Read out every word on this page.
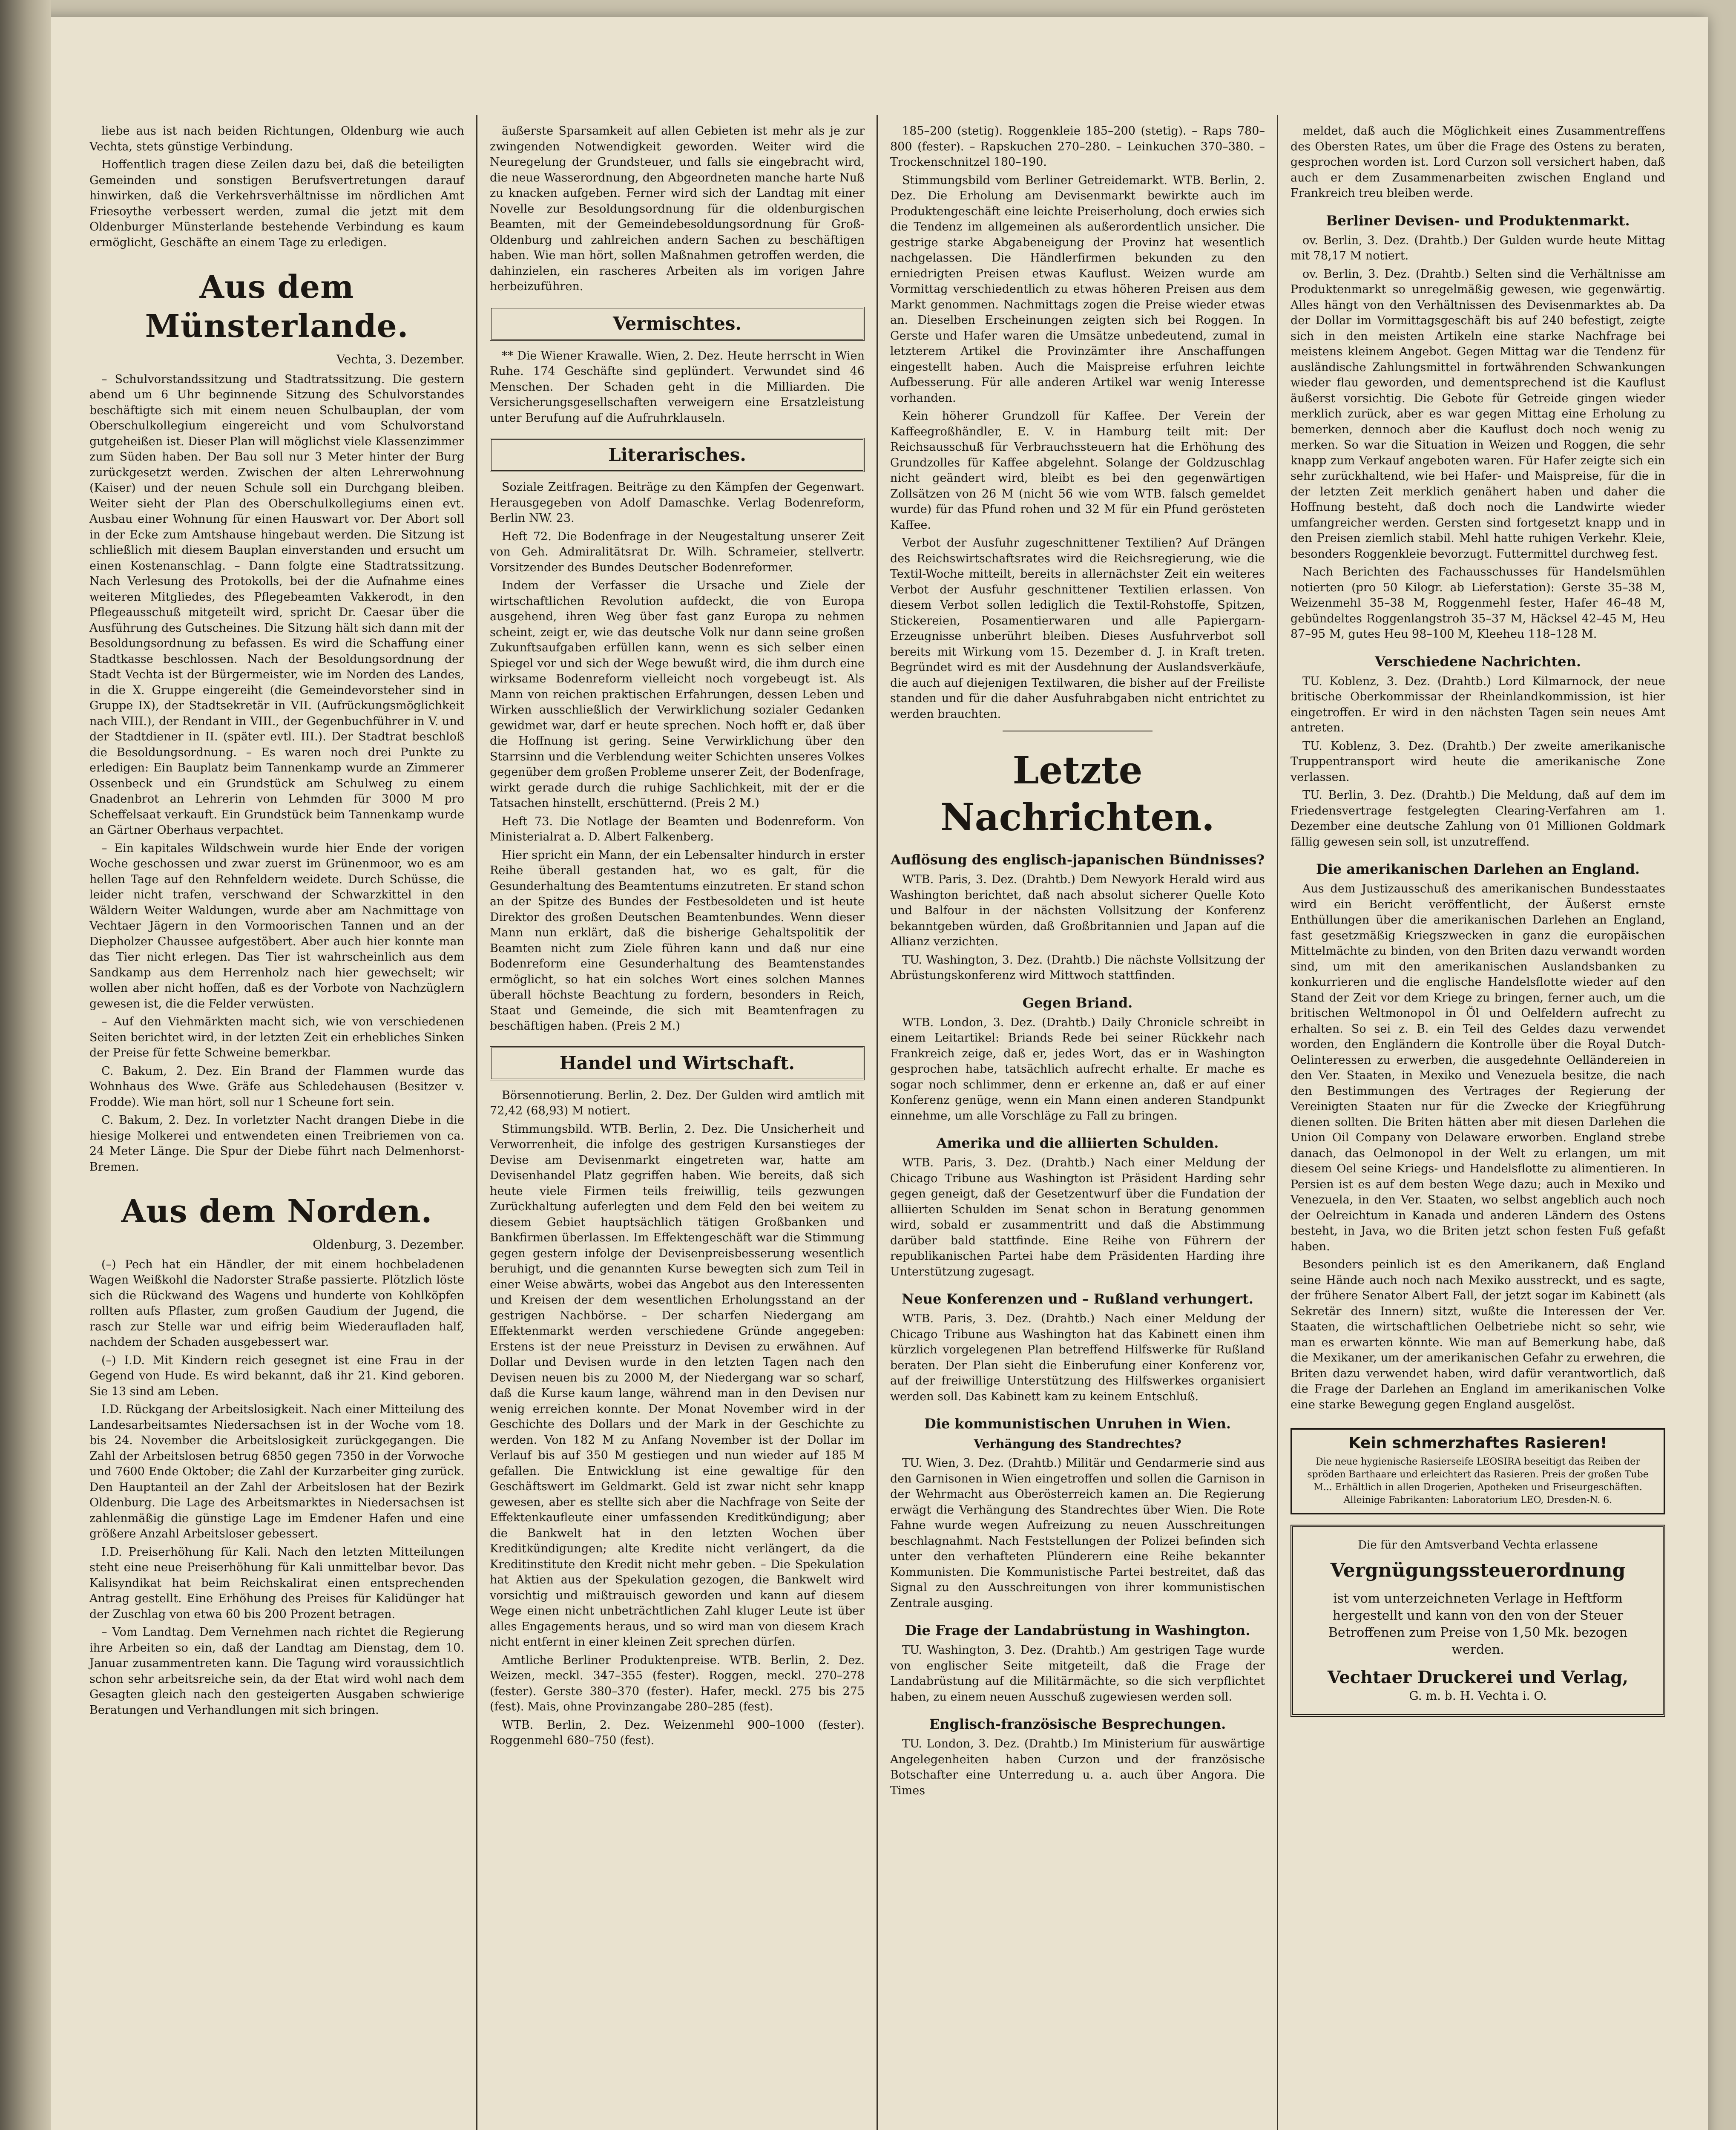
liebe aus ist nach beiden Richtungen, Oldenburg wie auch Vechta, stets günstige Verbindung.

Hoffentlich tragen diese Zeilen dazu bei, daß die beteiligten Gemeinden und sonstigen Berufsvertretungen darauf hinwirken, daß die Verkehrsverhältnisse im nördlichen Amt Friesoythe verbessert werden, zumal die jetzt mit dem Oldenburger Münsterlande bestehende Verbindung es kaum ermöglicht, Geschäfte an einem Tage zu erledigen.

Aus dem Münsterlande.
Vechta, 3. Dezember.

– Schulvorstandssitzung und Stadtratssitzung. Die gestern abend um 6 Uhr beginnende Sitzung des Schulvorstandes beschäftigte sich mit einem neuen Schulbauplan, der vom Oberschulkollegium eingereicht und vom Schulvorstand gutgeheißen ist. Dieser Plan will möglichst viele Klassenzimmer zum Süden haben. Der Bau soll nur 3 Meter hinter der Burg zurückgesetzt werden. Zwischen der alten Lehrerwohnung (Kaiser) und der neuen Schule soll ein Durchgang bleiben. Weiter sieht der Plan des Oberschulkollegiums einen evt. Ausbau einer Wohnung für einen Hauswart vor. Der Abort soll in der Ecke zum Amtshause hingebaut werden. Die Sitzung ist schließlich mit diesem Bauplan einverstanden und ersucht um einen Kostenanschlag. – Dann folgte eine Stadtratssitzung. Nach Verlesung des Protokolls, bei der die Aufnahme eines weiteren Mitgliedes, des Pflegebeamten Vakkerodt, in den Pflegeausschuß mitgeteilt wird, spricht Dr. Caesar über die Ausführung des Gutscheines. Die Sitzung hält sich dann mit der Besoldungsordnung zu befassen. Es wird die Schaffung einer Stadtkasse beschlossen. Nach der Besoldungsordnung der Stadt Vechta ist der Bürgermeister, wie im Norden des Landes, in die X. Gruppe eingereiht (die Gemeindevorsteher sind in Gruppe IX), der Stadtsekretär in VII. (Aufrückungsmöglichkeit nach VIII.), der Rendant in VIII., der Gegenbuchführer in V. und der Stadtdiener in II. (später evtl. III.). Der Stadtrat beschloß die Besoldungsordnung. – Es waren noch drei Punkte zu erledigen: Ein Bauplatz beim Tannenkamp wurde an Zimmerer Ossenbeck und ein Grundstück am Schulweg zu einem Gnadenbrot an Lehrerin von Lehmden für 3000 M pro Scheffelsaat verkauft. Ein Grundstück beim Tannenkamp wurde an Gärtner Oberhaus verpachtet.

– Ein kapitales Wildschwein wurde hier Ende der vorigen Woche geschossen und zwar zuerst im Grünenmoor, wo es am hellen Tage auf den Rehnfeldern weidete. Durch Schüsse, die leider nicht trafen, verschwand der Schwarzkittel in den Wäldern Weiter Waldungen, wurde aber am Nachmittage von Vechtaer Jägern in den Vormoorischen Tannen und an der Diepholzer Chaussee aufgestöbert. Aber auch hier konnte man das Tier nicht erlegen. Das Tier ist wahrscheinlich aus dem Sandkamp aus dem Herrenholz nach hier gewechselt; wir wollen aber nicht hoffen, daß es der Vorbote von Nachzüglern gewesen ist, die die Felder verwüsten.

– Auf den Viehmärkten macht sich, wie von verschiedenen Seiten berichtet wird, in der letzten Zeit ein erhebliches Sinken der Preise für fette Schweine bemerkbar.

C. Bakum, 2. Dez. Ein Brand der Flammen wurde das Wohnhaus des Wwe. Gräfe aus Schledehausen (Besitzer v. Frodde). Wie man hört, soll nur 1 Scheune fort sein.

C. Bakum, 2. Dez. In vorletzter Nacht drangen Diebe in die hiesige Molkerei und entwendeten einen Treibriemen von ca. 24 Meter Länge. Die Spur der Diebe führt nach Delmenhorst-Bremen.

Aus dem Norden.
Oldenburg, 3. Dezember.

(–) Pech hat ein Händler, der mit einem hochbeladenen Wagen Weißkohl die Nadorster Straße passierte. Plötzlich löste sich die Rückwand des Wagens und hunderte von Kohlköpfen rollten aufs Pflaster, zum großen Gaudium der Jugend, die rasch zur Stelle war und eifrig beim Wiederaufladen half, nachdem der Schaden ausgebessert war.

(–) I.D. Mit Kindern reich gesegnet ist eine Frau in der Gegend von Hude. Es wird bekannt, daß ihr 21. Kind geboren. Sie 13 sind am Leben.

I.D. Rückgang der Arbeitslosigkeit. Nach einer Mitteilung des Landesarbeitsamtes Niedersachsen ist in der Woche vom 18. bis 24. November die Arbeitslosigkeit zurückgegangen. Die Zahl der Arbeitslosen betrug 6850 gegen 7350 in der Vorwoche und 7600 Ende Oktober; die Zahl der Kurzarbeiter ging zurück. Den Hauptanteil an der Zahl der Arbeitslosen hat der Bezirk Oldenburg. Die Lage des Arbeitsmarktes in Niedersachsen ist zahlenmäßig die günstige Lage im Emdener Hafen und eine größere Anzahl Arbeitsloser gebessert.

I.D. Preiserhöhung für Kali. Nach den letzten Mitteilungen steht eine neue Preiserhöhung für Kali unmittelbar bevor. Das Kalisyndikat hat beim Reichskalirat einen entsprechenden Antrag gestellt. Eine Erhöhung des Preises für Kalidünger hat der Zuschlag von etwa 60 bis 200 Prozent betragen.

– Vom Landtag. Dem Vernehmen nach richtet die Regierung ihre Arbeiten so ein, daß der Landtag am Dienstag, dem 10. Januar zusammentreten kann. Die Tagung wird voraussichtlich schon sehr arbeitsreiche sein, da der Etat wird wohl nach dem Gesagten gleich nach den gesteigerten Ausgaben schwierige Beratungen und Verhandlungen mit sich bringen.

äußerste Sparsamkeit auf allen Gebieten ist mehr als je zur zwingenden Notwendigkeit geworden. Weiter wird die Neuregelung der Grundsteuer, und falls sie eingebracht wird, die neue Wasserordnung, den Abgeordneten manche harte Nuß zu knacken aufgeben. Ferner wird sich der Landtag mit einer Novelle zur Besoldungsordnung für die oldenburgischen Beamten, mit der Gemeindebesoldungsordnung für Groß-Oldenburg und zahlreichen andern Sachen zu beschäftigen haben. Wie man hört, sollen Maßnahmen getroffen werden, die dahinzielen, ein rascheres Arbeiten als im vorigen Jahre herbeizuführen.

Vermischtes.

** Die Wiener Krawalle. Wien, 2. Dez. Heute herrscht in Wien Ruhe. 174 Geschäfte sind geplündert. Verwundet sind 46 Menschen. Der Schaden geht in die Milliarden. Die Versicherungsgesellschaften verweigern eine Ersatzleistung unter Berufung auf die Aufruhrklauseln.

Literarisches.

Soziale Zeitfragen. Beiträge zu den Kämpfen der Gegenwart. Herausgegeben von Adolf Damaschke. Verlag Bodenreform, Berlin NW. 23.

Heft 72. Die Bodenfrage in der Neugestaltung unserer Zeit von Geh. Admiralitätsrat Dr. Wilh. Schrameier, stellvertr. Vorsitzender des Bundes Deutscher Bodenreformer.

Indem der Verfasser die Ursache und Ziele der wirtschaftlichen Revolution aufdeckt, die von Europa ausgehend, ihren Weg über fast ganz Europa zu nehmen scheint, zeigt er, wie das deutsche Volk nur dann seine großen Zukunftsaufgaben erfüllen kann, wenn es sich selber einen Spiegel vor und sich der Wege bewußt wird, die ihm durch eine wirksame Bodenreform vielleicht noch vorgebeugt ist. Als Mann von reichen praktischen Erfahrungen, dessen Leben und Wirken ausschließlich der Verwirklichung sozialer Gedanken gewidmet war, darf er heute sprechen. Noch hofft er, daß über die Hoffnung ist gering. Seine Verwirklichung über den Starrsinn und die Verblendung weiter Schichten unseres Volkes gegenüber dem großen Probleme unserer Zeit, der Bodenfrage, wirkt gerade durch die ruhige Sachlichkeit, mit der er die Tatsachen hinstellt, erschütternd. (Preis 2 M.)

Heft 73. Die Notlage der Beamten und Bodenreform. Von Ministerialrat a. D. Albert Falkenberg.

Hier spricht ein Mann, der ein Lebensalter hindurch in erster Reihe überall gestanden hat, wo es galt, für die Gesunderhaltung des Beamtentums einzutreten. Er stand schon an der Spitze des Bundes der Festbesoldeten und ist heute Direktor des großen Deutschen Beamtenbundes. Wenn dieser Mann nun erklärt, daß die bisherige Gehaltspolitik der Beamten nicht zum Ziele führen kann und daß nur eine Bodenreform eine Gesunderhaltung des Beamtenstandes ermöglicht, so hat ein solches Wort eines solchen Mannes überall höchste Beachtung zu fordern, besonders in Reich, Staat und Gemeinde, die sich mit Beamtenfragen zu beschäftigen haben. (Preis 2 M.)

Handel und Wirtschaft.

Börsennotierung. Berlin, 2. Dez. Der Gulden wird amtlich mit 72,42 (68,93) M notiert.

Stimmungsbild. WTB. Berlin, 2. Dez. Die Unsicherheit und Verworrenheit, die infolge des gestrigen Kursanstieges der Devise am Devisenmarkt eingetreten war, hatte am Devisenhandel Platz gegriffen haben. Wie bereits, daß sich heute viele Firmen teils freiwillig, teils gezwungen Zurückhaltung auferlegten und dem Feld den bei weitem zu diesem Gebiet hauptsächlich tätigen Großbanken und Bankfirmen überlassen. Im Effektengeschäft war die Stimmung gegen gestern infolge der Devisenpreisbesserung wesentlich beruhigt, und die genannten Kurse bewegten sich zum Teil in einer Weise abwärts, wobei das Angebot aus den Interessenten und Kreisen der dem wesentlichen Erholungsstand an der gestrigen Nachbörse. – Der scharfen Niedergang am Effektenmarkt werden verschiedene Gründe angegeben: Erstens ist der neue Preissturz in Devisen zu erwähnen. Auf Dollar und Devisen wurde in den letzten Tagen nach den Devisen neuen bis zu 2000 M, der Niedergang war so scharf, daß die Kurse kaum lange, während man in den Devisen nur wenig erreichen konnte. Der Monat November wird in der Geschichte des Dollars und der Mark in der Geschichte zu werden. Von 182 M zu Anfang November ist der Dollar im Verlauf bis auf 350 M gestiegen und nun wieder auf 185 M gefallen. Die Entwicklung ist eine gewaltige für den Geschäftswert im Geldmarkt. Geld ist zwar nicht sehr knapp gewesen, aber es stellte sich aber die Nachfrage von Seite der Effektenkaufleute einer umfassenden Kreditkündigung; aber die Bankwelt hat in den letzten Wochen über Kreditkündigungen; alte Kredite nicht verlängert, da die Kreditinstitute den Kredit nicht mehr geben. – Die Spekulation hat Aktien aus der Spekulation gezogen, die Bankwelt wird vorsichtig und mißtrauisch geworden und kann auf diesem Wege einen nicht unbeträchtlichen Zahl kluger Leute ist über alles Engagements heraus, und so wird man von diesem Krach nicht entfernt in einer kleinen Zeit sprechen dürfen.

Amtliche Berliner Produktenpreise. WTB. Berlin, 2. Dez. Weizen, meckl. 347–355 (fester). Roggen, meckl. 270–278 (fester). Gerste 380–370 (fester). Hafer, meckl. 275 bis 275 (fest). Mais, ohne Provinzangabe 280–285 (fest).

WTB. Berlin, 2. Dez. Weizenmehl 900–1000 (fester). Roggenmehl 680–750 (fest).

185–200 (stetig). Roggenkleie 185–200 (stetig). – Raps 780–800 (fester). – Rapskuchen 270–280. – Leinkuchen 370–380. – Trockenschnitzel 180–190.

Stimmungsbild vom Berliner Getreidemarkt. WTB. Berlin, 2. Dez. Die Erholung am Devisenmarkt bewirkte auch im Produktengeschäft eine leichte Preiserholung, doch erwies sich die Tendenz im allgemeinen als außerordentlich unsicher. Die gestrige starke Abgabeneigung der Provinz hat wesentlich nachgelassen. Die Händlerfirmen bekunden zu den erniedrigten Preisen etwas Kauflust. Weizen wurde am Vormittag verschiedentlich zu etwas höheren Preisen aus dem Markt genommen. Nachmittags zogen die Preise wieder etwas an. Dieselben Erscheinungen zeigten sich bei Roggen. In Gerste und Hafer waren die Umsätze unbedeutend, zumal in letzterem Artikel die Provinzämter ihre Anschaffungen eingestellt haben. Auch die Maispreise erfuhren leichte Aufbesserung. Für alle anderen Artikel war wenig Interesse vorhanden.

Kein höherer Grundzoll für Kaffee. Der Verein der Kaffeegroßhändler, E. V. in Hamburg teilt mit: Der Reichsausschuß für Verbrauchssteuern hat die Erhöhung des Grundzolles für Kaffee abgelehnt. Solange der Goldzuschlag nicht geändert wird, bleibt es bei den gegenwärtigen Zollsätzen von 26 M (nicht 56 wie vom WTB. falsch gemeldet wurde) für das Pfund rohen und 32 M für ein Pfund gerösteten Kaffee.

Verbot der Ausfuhr zugeschnittener Textilien? Auf Drängen des Reichswirtschaftsrates wird die Reichsregierung, wie die Textil-Woche mitteilt, bereits in allernächster Zeit ein weiteres Verbot der Ausfuhr geschnittener Textilien erlassen. Von diesem Verbot sollen lediglich die Textil-Rohstoffe, Spitzen, Stickereien, Posamentierwaren und alle Papiergarn-Erzeugnisse unberührt bleiben. Dieses Ausfuhrverbot soll bereits mit Wirkung vom 15. Dezember d. J. in Kraft treten. Begründet wird es mit der Ausdehnung der Auslandsverkäufe, die auch auf diejenigen Textilwaren, die bisher auf der Freiliste standen und für die daher Ausfuhrabgaben nicht entrichtet zu werden brauchten.

Letzte Nachrichten.
Auflösung des englisch-japanischen Bündnisses?

WTB. Paris, 3. Dez. (Drahtb.) Dem Newyork Herald wird aus Washington berichtet, daß nach absolut sicherer Quelle Koto und Balfour in der nächsten Vollsitzung der Konferenz bekanntgeben würden, daß Großbritannien und Japan auf die Allianz verzichten.

TU. Washington, 3. Dez. (Drahtb.) Die nächste Vollsitzung der Abrüstungskonferenz wird Mittwoch stattfinden.

Gegen Briand.

WTB. London, 3. Dez. (Drahtb.) Daily Chronicle schreibt in einem Leitartikel: Briands Rede bei seiner Rückkehr nach Frankreich zeige, daß er, jedes Wort, das er in Washington gesprochen habe, tatsächlich aufrecht erhalte. Er mache es sogar noch schlimmer, denn er erkenne an, daß er auf einer Konferenz genüge, wenn ein Mann einen anderen Standpunkt einnehme, um alle Vorschläge zu Fall zu bringen.

Amerika und die alliierten Schulden.

WTB. Paris, 3. Dez. (Drahtb.) Nach einer Meldung der Chicago Tribune aus Washington ist Präsident Harding sehr gegen geneigt, daß der Gesetzentwurf über die Fundation der alliierten Schulden im Senat schon in Beratung genommen wird, sobald er zusammentritt und daß die Abstimmung darüber bald stattfinde. Eine Reihe von Führern der republikanischen Partei habe dem Präsidenten Harding ihre Unterstützung zugesagt.

Neue Konferenzen und – Rußland verhungert.

WTB. Paris, 3. Dez. (Drahtb.) Nach einer Meldung der Chicago Tribune aus Washington hat das Kabinett einen ihm kürzlich vorgelegenen Plan betreffend Hilfswerke für Rußland beraten. Der Plan sieht die Einberufung einer Konferenz vor, auf der freiwillige Unterstützung des Hilfswerkes organisiert werden soll. Das Kabinett kam zu keinem Entschluß.

Die kommunistischen Unruhen in Wien.
Verhängung des Standrechtes?

TU. Wien, 3. Dez. (Drahtb.) Militär und Gendarmerie sind aus den Garnisonen in Wien eingetroffen und sollen die Garnison in der Wehrmacht aus Oberösterreich kamen an. Die Regierung erwägt die Verhängung des Standrechtes über Wien. Die Rote Fahne wurde wegen Aufreizung zu neuen Ausschreitungen beschlagnahmt. Nach Feststellungen der Polizei befinden sich unter den verhafteten Plünderern eine Reihe bekannter Kommunisten. Die Kommunistische Partei bestreitet, daß das Signal zu den Ausschreitungen von ihrer kommunistischen Zentrale ausging.

Die Frage der Landabrüstung in Washington.

TU. Washington, 3. Dez. (Drahtb.) Am gestrigen Tage wurde von englischer Seite mitgeteilt, daß die Frage der Landabrüstung auf die Militärmächte, so die sich verpflichtet haben, zu einem neuen Ausschuß zugewiesen werden soll.

Englisch-französische Besprechungen.

TU. London, 3. Dez. (Drahtb.) Im Ministerium für auswärtige Angelegenheiten haben Curzon und der französische Botschafter eine Unterredung u. a. auch über Angora. Die Times

meldet, daß auch die Möglichkeit eines Zusammentreffens des Obersten Rates, um über die Frage des Ostens zu beraten, gesprochen worden ist. Lord Curzon soll versichert haben, daß auch er dem Zusammenarbeiten zwischen England und Frankreich treu bleiben werde.

Berliner Devisen- und Produktenmarkt.

ov. Berlin, 3. Dez. (Drahtb.) Der Gulden wurde heute Mittag mit 78,17 M notiert.

ov. Berlin, 3. Dez. (Drahtb.) Selten sind die Verhältnisse am Produktenmarkt so unregelmäßig gewesen, wie gegenwärtig. Alles hängt von den Verhältnissen des Devisenmarktes ab. Da der Dollar im Vormittagsgeschäft bis auf 240 befestigt, zeigte sich in den meisten Artikeln eine starke Nachfrage bei meistens kleinem Angebot. Gegen Mittag war die Tendenz für ausländische Zahlungsmittel in fortwährenden Schwankungen wieder flau geworden, und dementsprechend ist die Kauflust äußerst vorsichtig. Die Gebote für Getreide gingen wieder merklich zurück, aber es war gegen Mittag eine Erholung zu bemerken, dennoch aber die Kauflust doch noch wenig zu merken. So war die Situation in Weizen und Roggen, die sehr knapp zum Verkauf angeboten waren. Für Hafer zeigte sich ein sehr zurückhaltend, wie bei Hafer- und Maispreise, für die in der letzten Zeit merklich genähert haben und daher die Hoffnung besteht, daß doch noch die Landwirte wieder umfangreicher werden. Gersten sind fortgesetzt knapp und in den Preisen ziemlich stabil. Mehl hatte ruhigen Verkehr. Kleie, besonders Roggenkleie bevorzugt. Futtermittel durchweg fest.

Nach Berichten des Fachausschusses für Handelsmühlen notierten (pro 50 Kilogr. ab Lieferstation): Gerste 35–38 M, Weizenmehl 35–38 M, Roggenmehl fester, Hafer 46–48 M, gebündeltes Roggenlangstroh 35–37 M, Häcksel 42–45 M, Heu 87–95 M, gutes Heu 98–100 M, Kleeheu 118–128 M.

Verschiedene Nachrichten.

TU. Koblenz, 3. Dez. (Drahtb.) Lord Kilmarnock, der neue britische Oberkommissar der Rheinlandkommission, ist hier eingetroffen. Er wird in den nächsten Tagen sein neues Amt antreten.

TU. Koblenz, 3. Dez. (Drahtb.) Der zweite amerikanische Truppentransport wird heute die amerikanische Zone verlassen.

TU. Berlin, 3. Dez. (Drahtb.) Die Meldung, daß auf dem im Friedensvertrage festgelegten Clearing-Verfahren am 1. Dezember eine deutsche Zahlung von 01 Millionen Goldmark fällig gewesen sein soll, ist unzutreffend.

Die amerikanischen Darlehen an England.

Aus dem Justizausschuß des amerikanischen Bundesstaates wird ein Bericht veröffentlicht, der Äußerst ernste Enthüllungen über die amerikanischen Darlehen an England, fast gesetzmäßig Kriegszwecken in ganz die europäischen Mittelmächte zu binden, von den Briten dazu verwandt worden sind, um mit den amerikanischen Auslandsbanken zu konkurrieren und die englische Handelsflotte wieder auf den Stand der Zeit vor dem Kriege zu bringen, ferner auch, um die britischen Weltmonopol in Öl und Oelfeldern aufrecht zu erhalten. So sei z. B. ein Teil des Geldes dazu verwendet worden, den Engländern die Kontrolle über die Royal Dutch-Oelinteressen zu erwerben, die ausgedehnte Oelländereien in den Ver. Staaten, in Mexiko und Venezuela besitze, die nach den Bestimmungen des Vertrages der Regierung der Vereinigten Staaten nur für die Zwecke der Kriegführung dienen sollten. Die Briten hätten aber mit diesen Darlehen die Union Oil Company von Delaware erworben. England strebe danach, das Oelmonopol in der Welt zu erlangen, um mit diesem Oel seine Kriegs- und Handelsflotte zu alimentieren. In Persien ist es auf dem besten Wege dazu; auch in Mexiko und Venezuela, in den Ver. Staaten, wo selbst angeblich auch noch der Oelreichtum in Kanada und anderen Ländern des Ostens besteht, in Java, wo die Briten jetzt schon festen Fuß gefaßt haben.

Besonders peinlich ist es den Amerikanern, daß England seine Hände auch noch nach Mexiko ausstreckt, und es sagte, der frühere Senator Albert Fall, der jetzt sogar im Kabinett (als Sekretär des Innern) sitzt, wußte die Interessen der Ver. Staaten, die wirtschaftlichen Oelbetriebe nicht so sehr, wie man es erwarten könnte. Wie man auf Bemerkung habe, daß die Mexikaner, um der amerikanischen Gefahr zu erwehren, die Briten dazu verwendet haben, wird dafür verantwortlich, daß die Frage der Darlehen an England im amerikanischen Volke eine starke Bewegung gegen England ausgelöst.

Kein schmerzhaftes Rasieren!
Die neue hygienische Rasierseife LEOSIRA beseitigt das Reiben der spröden Barthaare und erleichtert das Rasieren. Preis der großen Tube M... Erhältlich in allen Drogerien, Apotheken und Friseurgeschäften. Alleinige Fabrikanten: Laboratorium LEO, Dresden-N. 6.
Die für den Amtsverband Vechta erlassene
Vergnügungssteuerordnung
ist vom unterzeichneten Verlage in Heftform hergestellt und kann von den von der Steuer Betroffenen zum Preise von 1,50 Mk. bezogen werden.
Vechtaer Druckerei und Verlag,
G. m. b. H. Vechta i. O.
